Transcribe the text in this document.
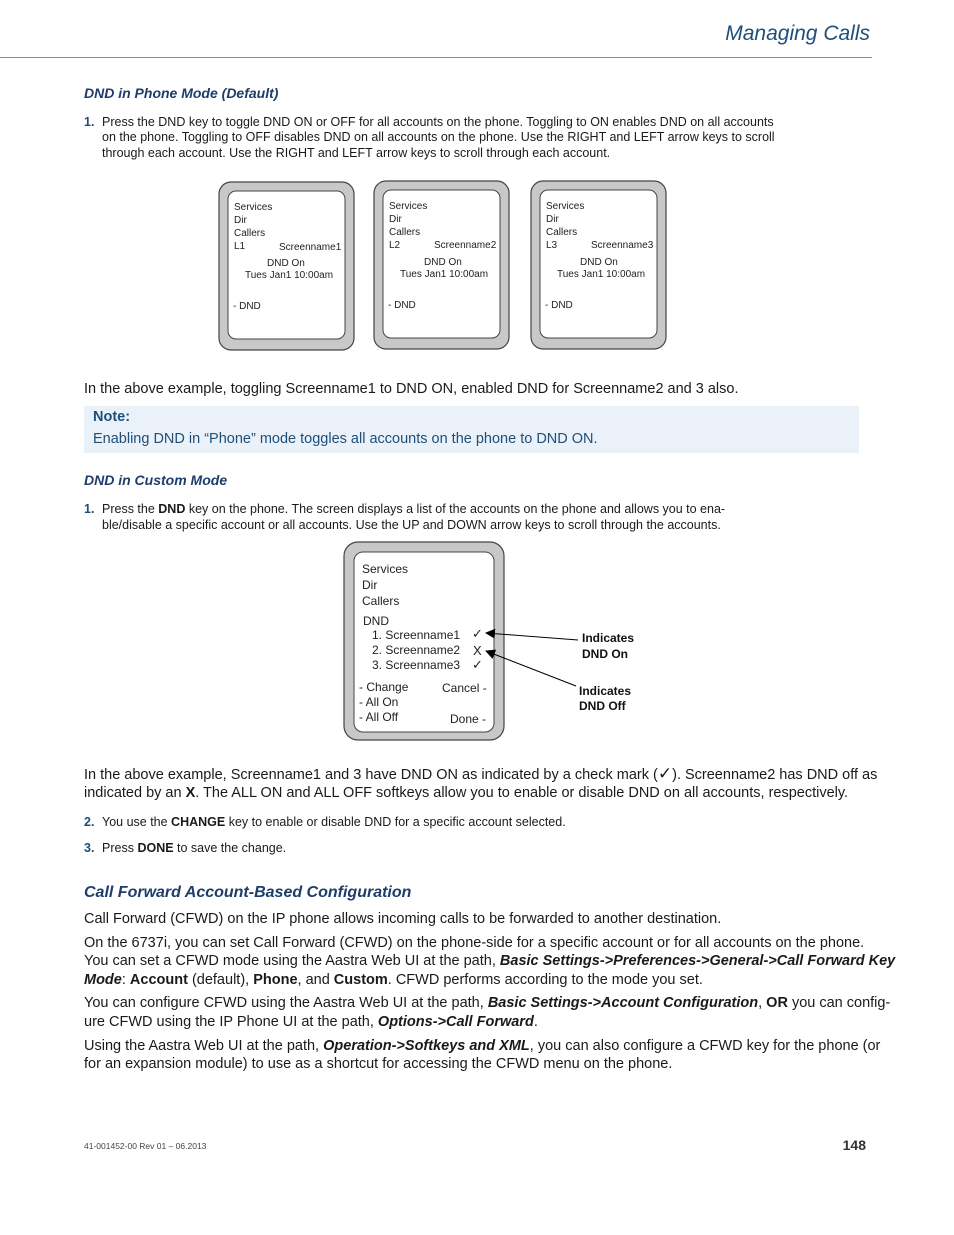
Managing Calls
DND in Phone Mode (Default)
1. Press the DND key to toggle DND ON or OFF for all accounts on the phone. Toggling to ON enables DND on all accounts
on the phone. Toggling to OFF disables DND on all accounts on the phone. Use the RIGHT and LEFT arrow keys to scroll
through each account. Use the RIGHT and LEFT arrow keys to scroll through each account.
Services
Dir
Callers
L1	Screenname1
DND On
Tues Jan1 10:00am
- DND
Services
Dir
Callers
L2	Screenname2
DND On
Tues Jan1 10:00am
- DND
Services
Dir
Callers
L3	Screenname3
DND On
Tues Jan1 10:00am
- DND
In the above example, toggling Screenname1 to DND ON, enabled DND for Screenname2 and 3 also.
Note:
Enabling DND in “Phone” mode toggles all accounts on the phone to DND ON.
DND in Custom Mode
1. Press the DND key on the phone. The screen displays a list of the accounts on the phone and allows you to ena-
ble/disable a specific account or all accounts. Use the UP and DOWN arrow keys to scroll through the accounts.
Services
Dir
Callers
DND
1. Screenname1
2. Screenname2
3. Screenname3
✓
X
✓
- Change	Cancel -
- All On
- All Off	Done -
Indicates
DND On
Indicates
DND Off
In the above example, Screenname1 and 3 have DND ON as indicated by a check mark (✓). Screenname2 has DND off as
indicated by an X. The ALL ON and ALL OFF softkeys allow you to enable or disable DND on all accounts, respectively.
2. You use the CHANGE key to enable or disable DND for a specific account selected.
3. Press DONE to save the change.
Call Forward Account-Based Configuration
Call Forward (CFWD) on the IP phone allows incoming calls to be forwarded to another destination.
On the 6737i, you can set Call Forward (CFWD) on the phone-side for a specific account or for all accounts on the phone.
You can set a CFWD mode using the Aastra Web UI at the path, Basic Settings->Preferences->General->Call Forward Key
Mode: Account (default), Phone, and Custom. CFWD performs according to the mode you set.
You can configure CFWD using the Aastra Web UI at the path, Basic Settings->Account Configuration, OR you can config-
ure CFWD using the IP Phone UI at the path, Options->Call Forward.
Using the Aastra Web UI at the path, Operation->Softkeys and XML, you can also configure a CFWD key for the phone (or
for an expansion module) to use as a shortcut for accessing the CFWD menu on the phone.
41-001452-00 Rev 01 – 06.2013	148
